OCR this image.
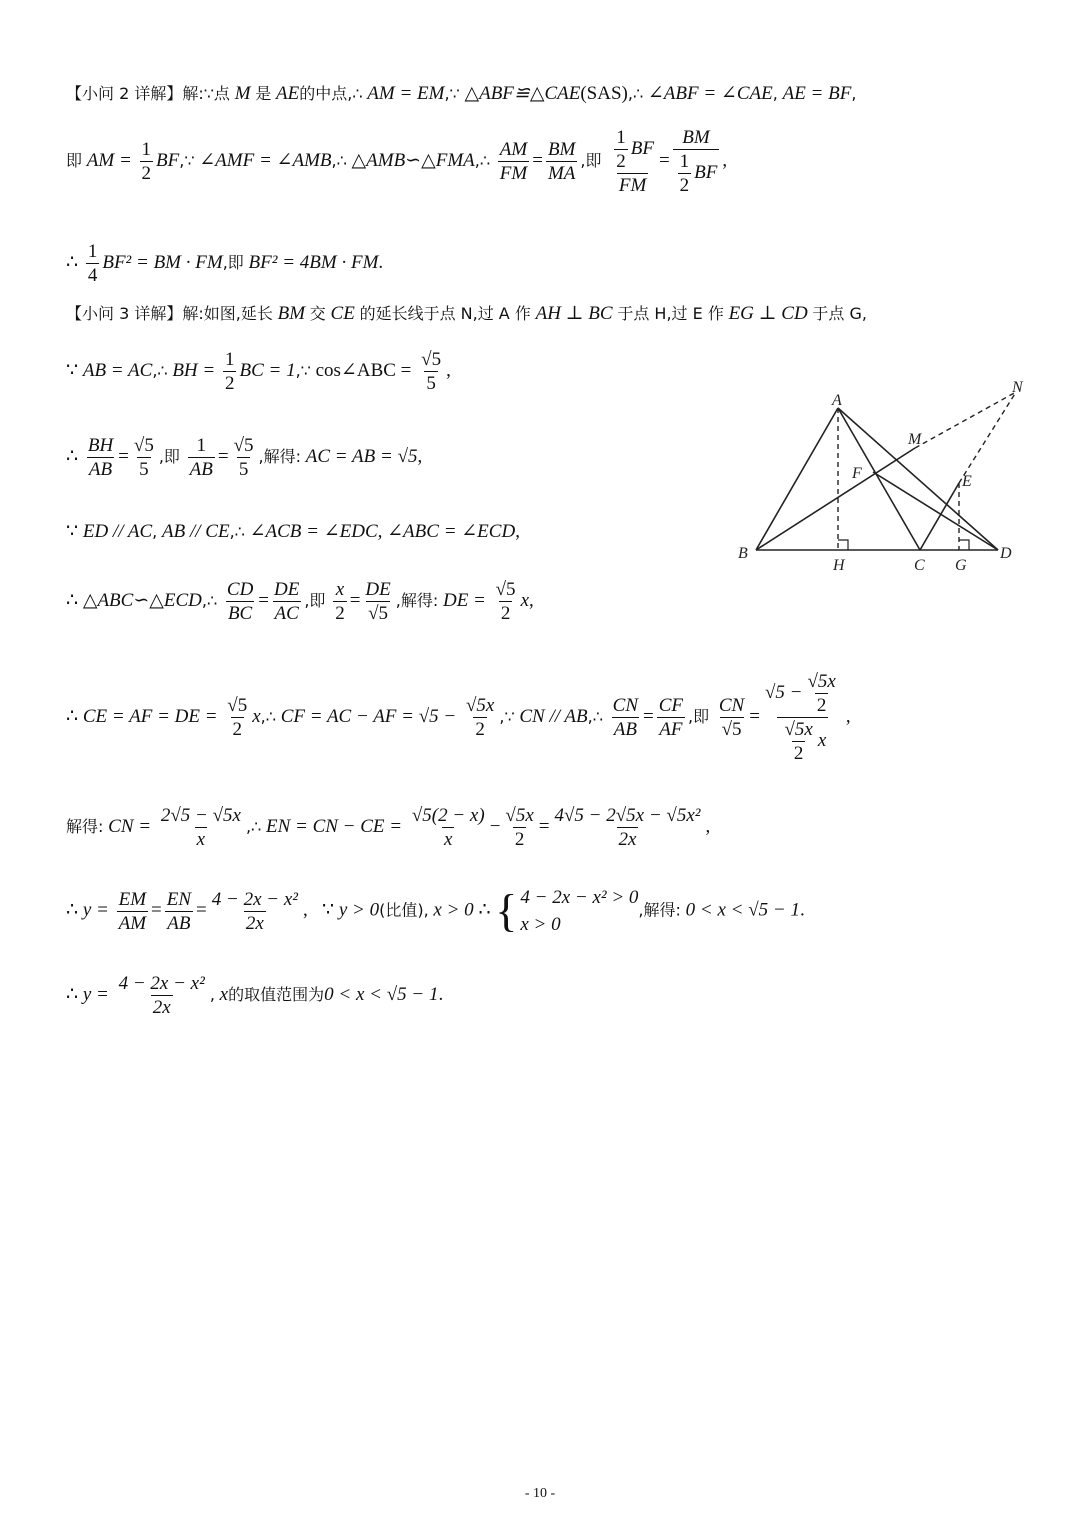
【小问 2 详解】解:∵点 M 是 AE的中点,∴ AM = EM,∵ △ABF≌△CAE(SAS),∴ ∠ABF = ∠CAE, AE = BF,
即 AM = $\frac{1}{2}$ BF,∵ ∠AMF = ∠AMB,∴ △AMB∽△FMA,∴ $\frac{AM}{FM} = \frac{BM}{MA}$ ,即 $\frac{\frac{1}{2} BF}{FM} = \frac{BM}{\frac{1}{2} BF}$ ,
∴ $\frac{1}{4} BF^2$ = BM · FM,即 BF² = 4BM · FM.
【小问 3 详解】解:如图,延长 BM 交 CE 的延长线于点 N,过 A 作 AH ⊥ BC 于点 H,过 E 作 EG ⊥ CD 于点 G,
∵ AB = AC,∴ BH = $\frac{1}{2}$ BC = 1,∵ cos∠ABC = $\frac{√5}{5}$ ,
∴ $\frac{BH}{AB} = \frac{√5}{5}$ ,即 $\frac{1}{AB} = \frac{√5}{5}$ ,解得: AC = AB = √5,
∵ ED // AC, AB // CE,∴ ∠ACB = ∠EDC, ∠ABC = ∠ECD,
∴ △ABC∽△ECD,∴ $\frac{CD}{BC} = \frac{DE}{AC}$ ,即 $\frac{x}{2} = \frac{DE}{√5}$ ,解得: DE = $\frac{√5}{2} x$,
∴ CE = AF = DE = $\frac{√5}{2}$ x,∴ CF = AC − AF = $√5 - \frac{√5x}{2}$ ,∵ CN // AB,∴ $\frac{CN}{AB} = \frac{CF}{AF}$ ,即 $\frac{CN}{√5} = \frac{√5 - \frac{√5x}{2}}{\frac{√5x}{2} x}$ ,
解得: CN = $\frac{2√5 - √5x}{x}$ ,∴ EN = CN − CE = $\frac{√5(2 - x)}{x} - \frac{√5x}{2} = \frac{\text{4√5 − 2√5x − √5x²}}{2x}$ ,
∴ $y = \frac{EM}{AM} = \frac{EN}{AB} = \frac{\text{4 − 2x − x²}}{2x}$ , ∵ y > 0(比值), x > 0 ∴ { 4 − 2x − x² > 0
x > 0
,解得: 0 < x < √5 − 1.
∴ $y = \frac{\text{4 − 2x − x²}}{2x}$ , x的取值范围为0 < x < √5 − 1.
A
N
M
F	E
B
H	C G
D
- 10 -
